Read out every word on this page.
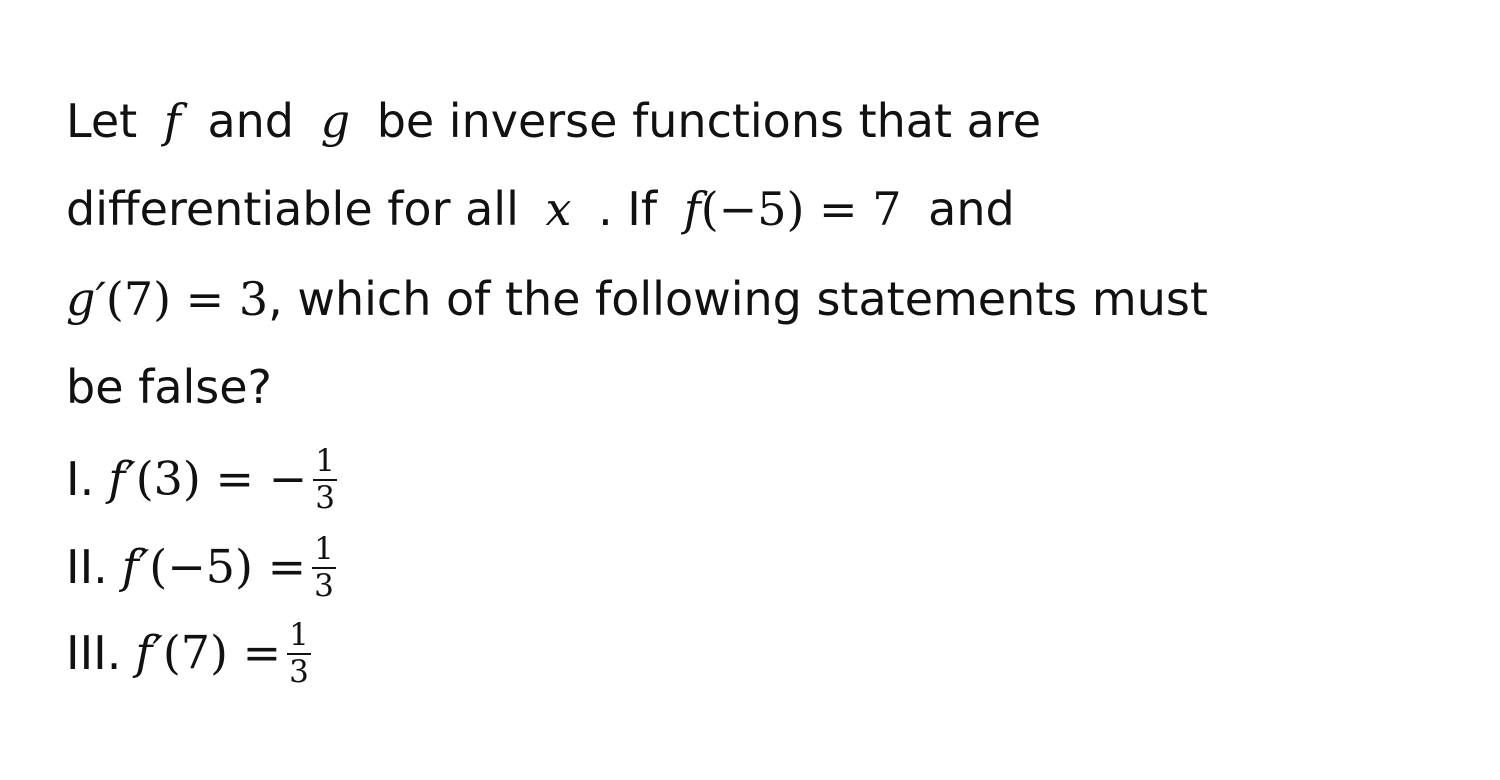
Let f and g be inverse functions that are
differentiable for all x . If f(−5) = 7 and
g′(7) = 3, which of the following statements must
be false?
I. f′(3) = − $\frac{1}{3}$
II. $f'(-5) = \frac{1}{3}$
III. $f'(7) = \frac{1}{3}$
